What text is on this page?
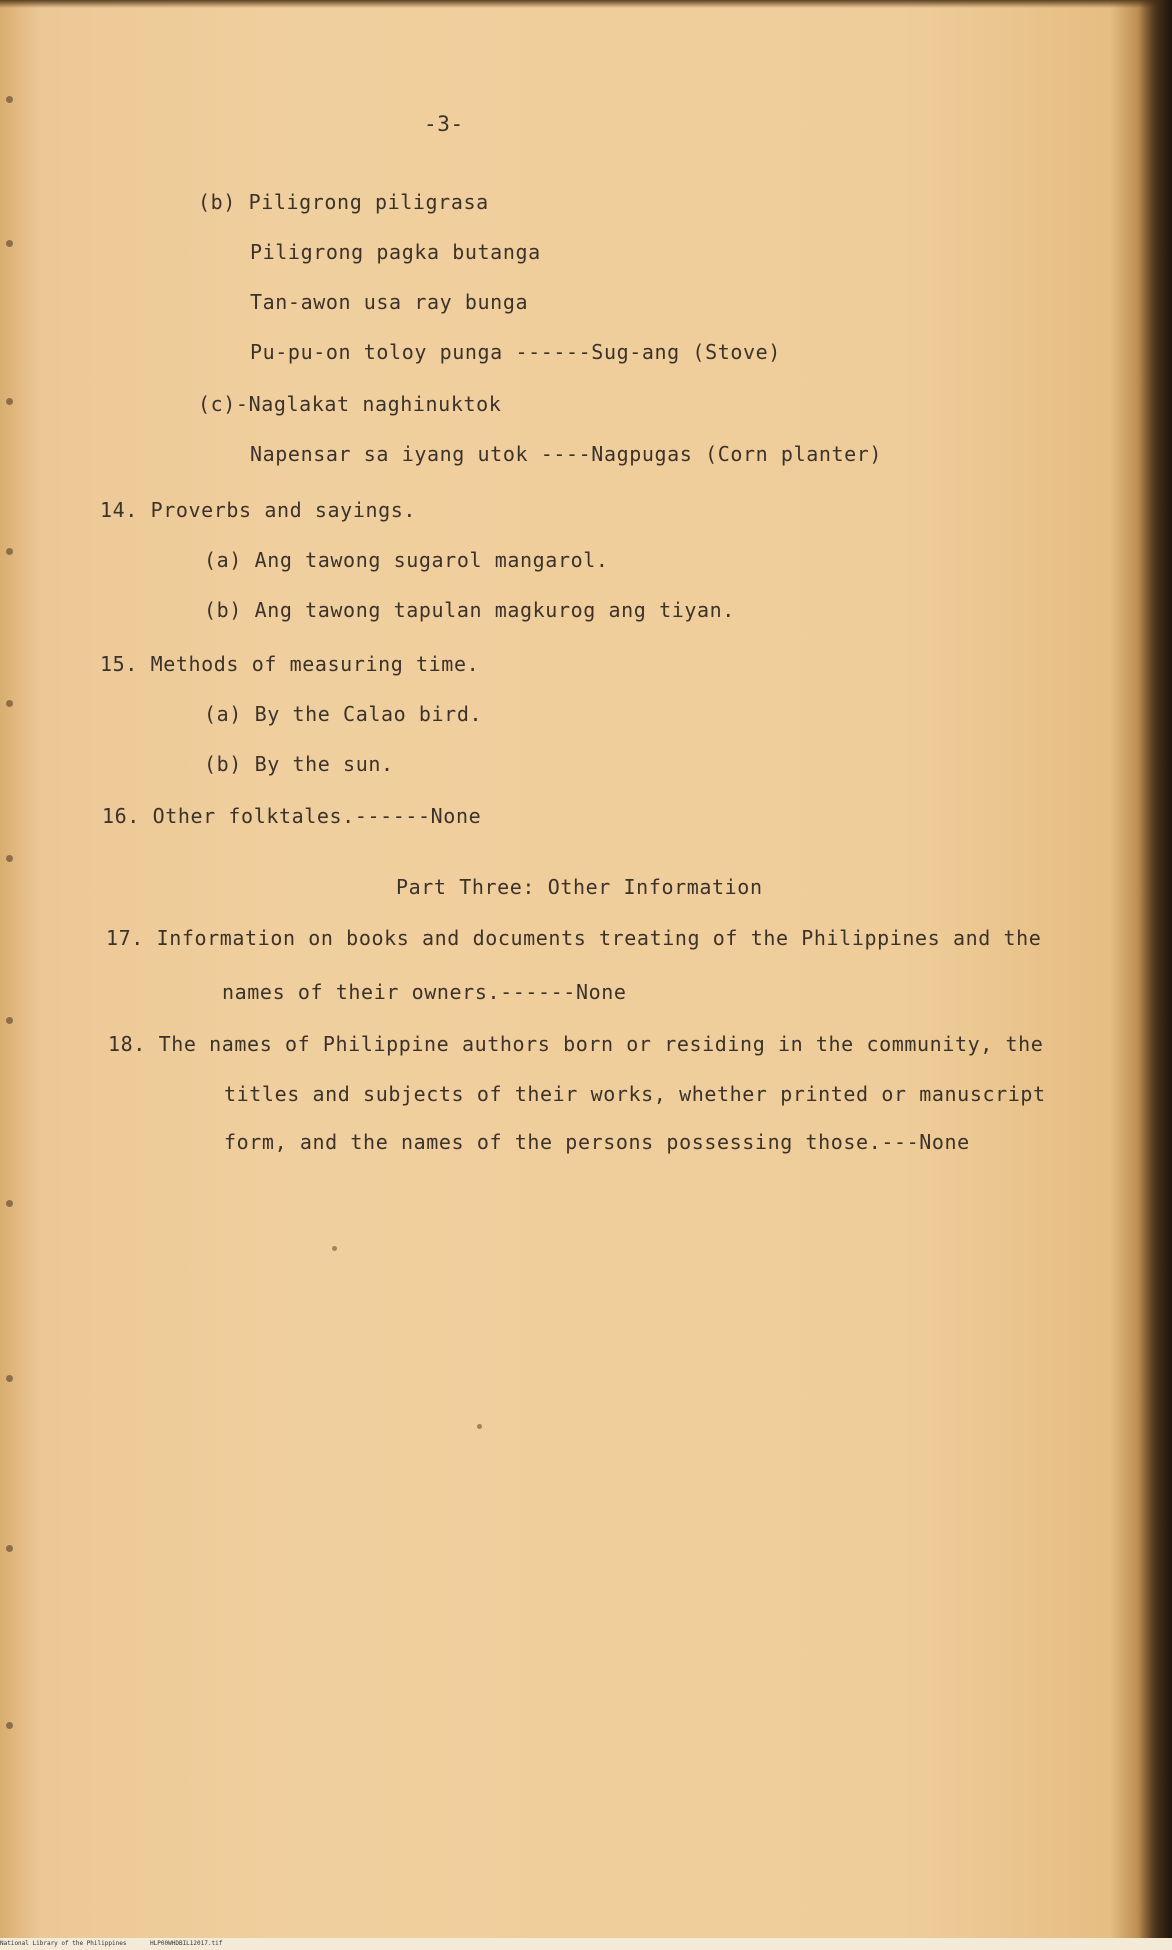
-3-
(b) Piligrong piligrasa
Piligrong pagka butanga
Tan-awon usa ray bunga
Pu-pu-on toloy punga ------Sug-ang (Stove)
(c)-Naglakat naghinuktok
Napensar sa iyang utok ----Nagpugas (Corn planter)
14. Proverbs and sayings.
(a) Ang tawong sugarol mangarol.
(b) Ang tawong tapulan magkurog ang tiyan.
15. Methods of measuring time.
(a) By the Calao bird.
(b) By the sun.
16. Other folktales.------None
Part Three: Other Information
17. Information on books and documents treating of the Philippines and the
names of their owners.------None
18. The names of Philippine authors born or residing in the community, the
titles and subjects of their works, whether printed or manuscript
form, and the names of the persons possessing those.---None
National Library of the Philippines	HLP00WHDBIL12017.tif
